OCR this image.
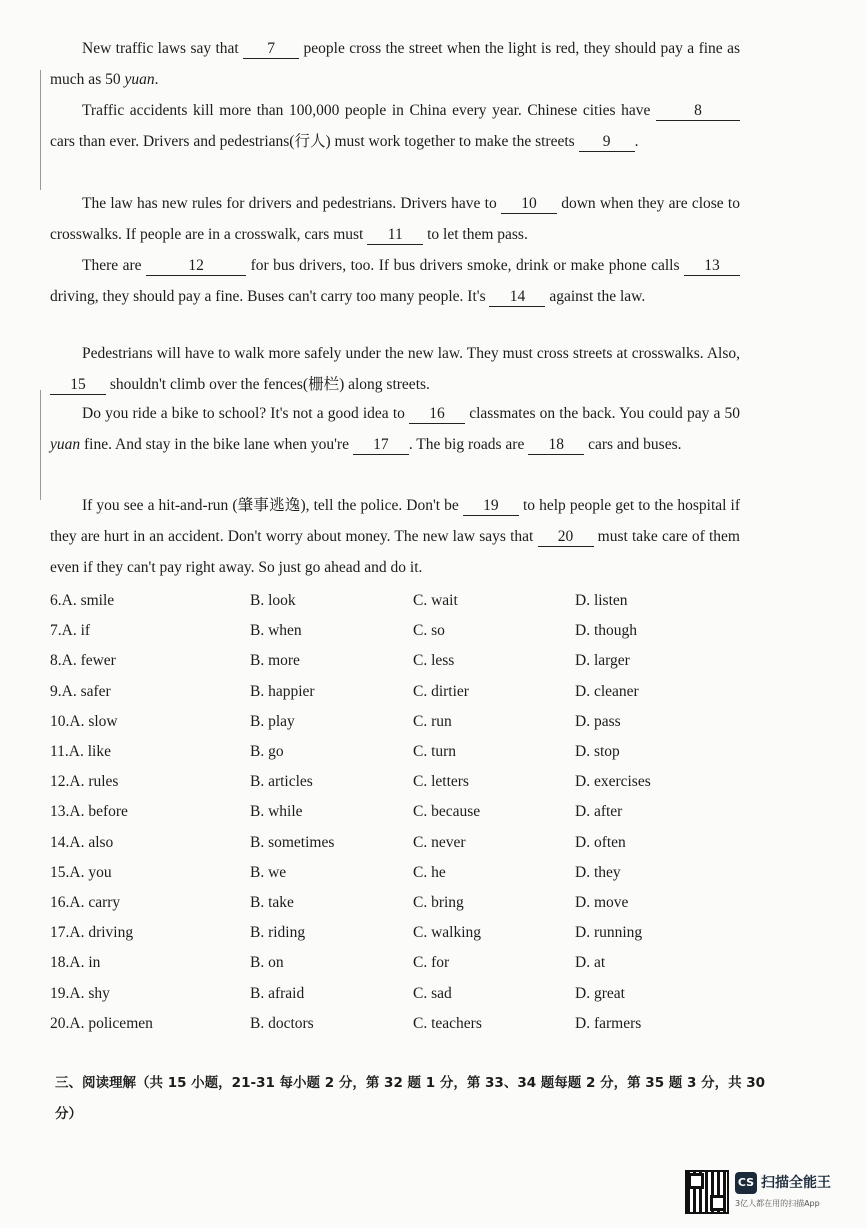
New traffic laws say that 7 people cross the street when the light is red, they should pay a fine as much as 50 yuan.

Traffic accidents kill more than 100,000 people in China every year. Chinese cities have 8 cars than ever. Drivers and pedestrians(行人) must work together to make the streets 9 .

The law has new rules for drivers and pedestrians. Drivers have to 10 down when they are close to crosswalks. If people are in a crosswalk, cars must 11 to let them pass.

There are	12	for bus drivers, too. If bus drivers smoke, drink or make phone calls 13 driving, they should pay a fine. Buses can't carry too many people. It's 14 against the law.

Pedestrians will have to walk more safely under the new law. They must cross streets at crosswalks. Also, 15 shouldn't climb over the fences(栅栏) along streets.

Do you ride a bike to school? It's not a good idea to 16 classmates on the back. You could pay a 50 yuan fine. And stay in the bike lane when you're 17 . The big roads are 18 cars and buses.

If you see a hit-and-run (肇事逃逸), tell the police. Don't be 19 to help people get to the hospital if they are hurt in an accident. Don't worry about money. The new law says that 20 must take care of them even if they can't pay right away. So just go ahead and do it.

6.A. smile	B. look	C. wait	D. listen
7.A. if	B. when	C. so	D. though
8.A. fewer	B. more	C. less	D. larger
9.A. safer	B. happier	C. dirtier	D. cleaner
10.A. slow	B. play	C. run	D. pass
11.A. like	B. go	C. turn	D. stop
12.A. rules	B. articles	C. letters	D. exercises
13.A. before	B. while	C. because	D. after
14.A. also	B. sometimes	C. never	D. often
15.A. you	B. we	C. he	D. they
16.A. carry	B. take	C. bring	D. move
17.A. driving	B. riding	C. walking	D. running
18.A. in	B. on	C. for	D. at
19.A. shy	B. afraid	C. sad	D. great
20.A. policemen	B. doctors	C. teachers	D. farmers

三、阅读理解（共 15 小题，21-31 每小题 2 分，第 32 题 1 分，第 33、34 题每题 2 分，第 35 题 3 分，共 30 分）

CS 扫描全能王
3亿人都在用的扫描App
